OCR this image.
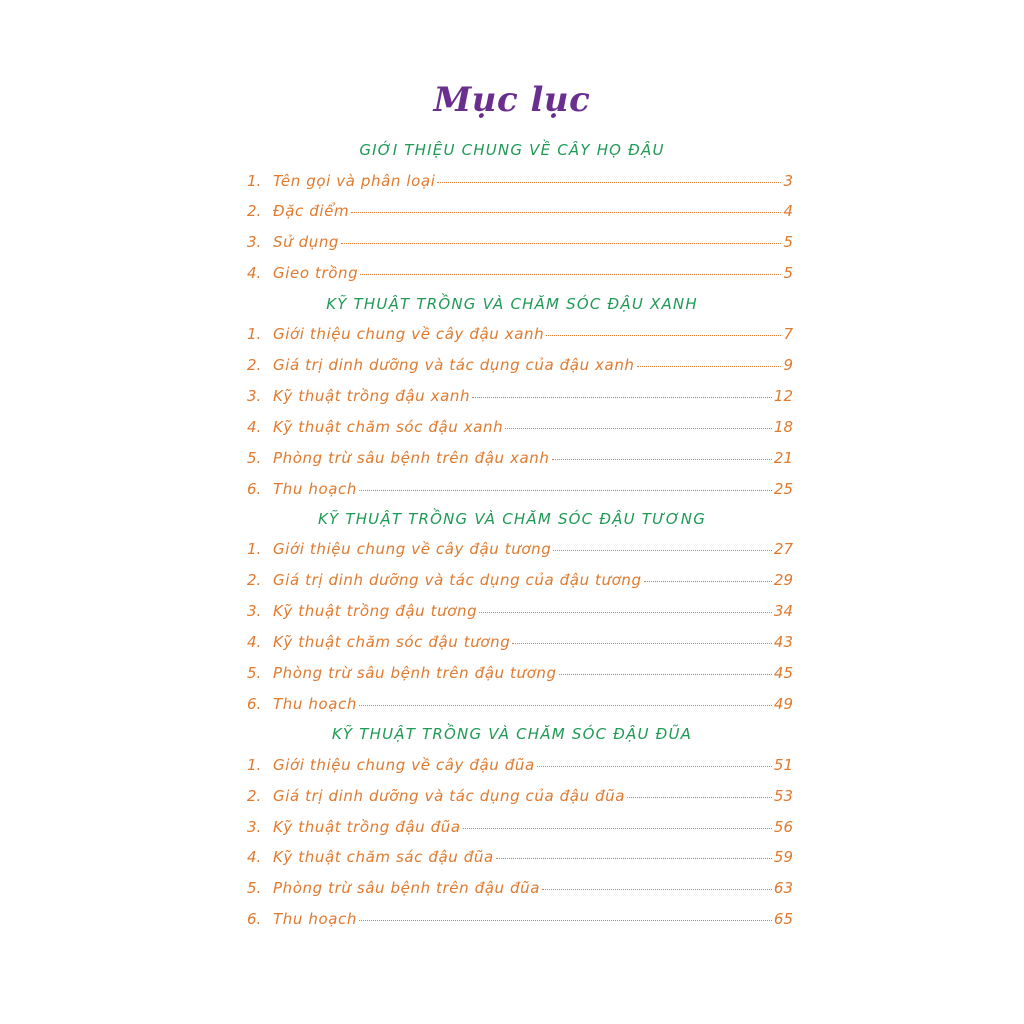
Mục lục
GIỚI THIỆU CHUNG VỀ CÂY HỌ ĐẬU
1. Tên gọi và phân loại	3
2. Đặc điểm	4
3. Sử dụng	5
4. Gieo trồng	5
KỸ THUẬT TRỒNG VÀ CHĂM SÓC ĐẬU XANH
1. Giới thiệu chung về cây đậu xanh	7
2. Giá trị dinh dưỡng và tác dụng của đậu xanh	9
3. Kỹ thuật trồng đậu xanh	12
4. Kỹ thuật chăm sóc đậu xanh	18
5. Phòng trừ sâu bệnh trên đậu xanh	21
6. Thu hoạch	25
KỸ THUẬT TRỒNG VÀ CHĂM SÓC ĐẬU TƯƠNG
1. Giới thiệu chung về cây đậu tương	27
2. Giá trị dinh dưỡng và tác dụng của đậu tương	29
3. Kỹ thuật trồng đậu tương	34
4. Kỹ thuật chăm sóc đậu tương	43
5. Phòng trừ sâu bệnh trên đậu tương	45
6. Thu hoạch	49
KỸ THUẬT TRỒNG VÀ CHĂM SÓC ĐẬU ĐŨA
1. Giới thiệu chung về cây đậu đũa	51
2. Giá trị dinh dưỡng và tác dụng của đậu đũa	53
3. Kỹ thuật trồng đậu đũa	56
4. Kỹ thuật chăm sác đậu đũa	59
5. Phòng trừ sâu bệnh trên đậu đũa	63
6. Thu hoạch	65
